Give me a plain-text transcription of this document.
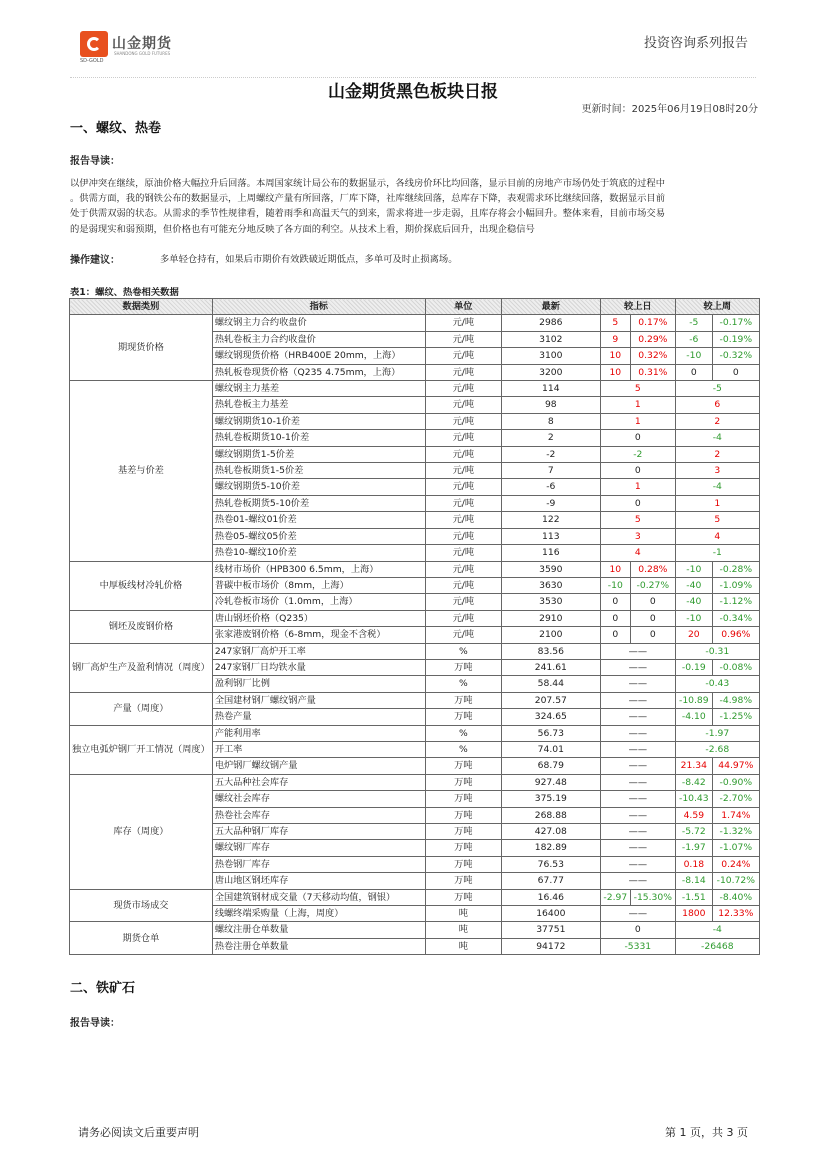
山金期货
SHANDONG GOLD FUTURES
SD-GOLD
投资咨询系列报告
山金期货黑色板块日报
更新时间：2025年06月19日08时20分
一、螺纹、热卷
报告导读：
以伊冲突在继续，原油价格大幅拉升后回落。本周国家统计局公布的数据显示，各线房价环比均回落，显示目前的房地产市场仍处于筑底的过程中
。供需方面，我的钢铁公布的数据显示，上周螺纹产量有所回落，厂库下降，社库继续回落，总库存下降，表观需求环比继续回落，数据显示目前
处于供需双弱的状态。从需求的季节性规律看，随着雨季和高温天气的到来，需求将进一步走弱，且库存将会小幅回升。整体来看，目前市场交易
的是弱现实和弱预期，但价格也有可能充分地反映了各方面的利空。从技术上看，期价探底后回升，出现企稳信号
操作建议：	多单轻仓持有，如果后市期价有效跌破近期低点，多单可及时止损离场。
表1：螺纹、热卷相关数据
数据类别	指标	单位	最新	较上日		较上周	
期现货价格	螺纹钢主力合约收盘价	元/吨	2986	5	0.17%	-5	-0.17%
	热轧卷板主力合约收盘价	元/吨	3102	9	0.29%	-6	-0.19%
	螺纹钢现货价格（HRB400E 20mm，上海）	元/吨	3100	10	0.32%	-10	-0.32%
	热轧板卷现货价格（Q235 4.75mm，上海）	元/吨	3200	10	0.31%	0	0
基差与价差	螺纹钢主力基差	元/吨	114	5		-5	
	热轧卷板主力基差	元/吨	98	1		6	
	螺纹钢期货10-1价差	元/吨	8	1		2	
	热轧卷板期货10-1价差	元/吨	2	0		-4	
	螺纹钢期货1-5价差	元/吨	-2	-2		2	
	热轧卷板期货1-5价差	元/吨	7	0		3	
	螺纹钢期货5-10价差	元/吨	-6	1		-4	
	热轧卷板期货5-10价差	元/吨	-9	0		1	
	热卷01-螺纹01价差	元/吨	122	5		5	
	热卷05-螺纹05价差	元/吨	113	3		4	
	热卷10-螺纹10价差	元/吨	116	4		-1	
中厚板线材冷轧价格	线材市场价（HPB300 6.5mm，上海）	元/吨	3590	10	0.28%	-10	-0.28%
	普碳中板市场价（8mm，上海）	元/吨	3630	-10	-0.27%	-40	-1.09%
	冷轧卷板市场价（1.0mm，上海）	元/吨	3530	0	0	-40	-1.12%
钢坯及废钢价格	唐山钢坯价格（Q235）	元/吨	2910	0	0	-10	-0.34%
	张家港废钢价格（6-8mm，现金不含税）	元/吨	2100	0	0	20	0.96%
钢厂高炉生产及盈利情况（周度）	247家钢厂高炉开工率	%	83.56	——		-0.31	
	247家钢厂日均铁水量	万吨	241.61	——		-0.19	-0.08%
	盈利钢厂比例	%	58.44	——		-0.43	
产量（周度）	全国建材钢厂螺纹钢产量	万吨	207.57	——		-10.89	-4.98%
	热卷产量	万吨	324.65	——		-4.10	-1.25%
独立电弧炉钢厂开工情况（周度）	产能利用率	%	56.73	——		-1.97	
	开工率	%	74.01	——		-2.68	
	电炉钢厂螺纹钢产量	万吨	68.79	——		21.34	44.97%
库存（周度）	五大品种社会库存	万吨	927.48	——		-8.42	-0.90%
	螺纹社会库存	万吨	375.19	——		-10.43	-2.70%
	热卷社会库存	万吨	268.88	——		4.59	1.74%
	五大品种钢厂库存	万吨	427.08	——		-5.72	-1.32%
	螺纹钢厂库存	万吨	182.89	——		-1.97	-1.07%
	热卷钢厂库存	万吨	76.53	——		0.18	0.24%
	唐山地区钢坯库存	万吨	67.77	——		-8.14	-10.72%
现货市场成交	全国建筑钢材成交量（7天移动均值，钢银）	万吨	16.46	-2.97	-15.30%	-1.51	-8.40%
	线螺终端采购量（上海，周度）	吨	16400	——		1800	12.33%
期货仓单	螺纹注册仓单数量	吨	37751	0		-4	
	热卷注册仓单数量	吨	94172	-5331		-26468	
二、铁矿石
报告导读：
请务必阅读文后重要声明	第 1 页，共 3 页
